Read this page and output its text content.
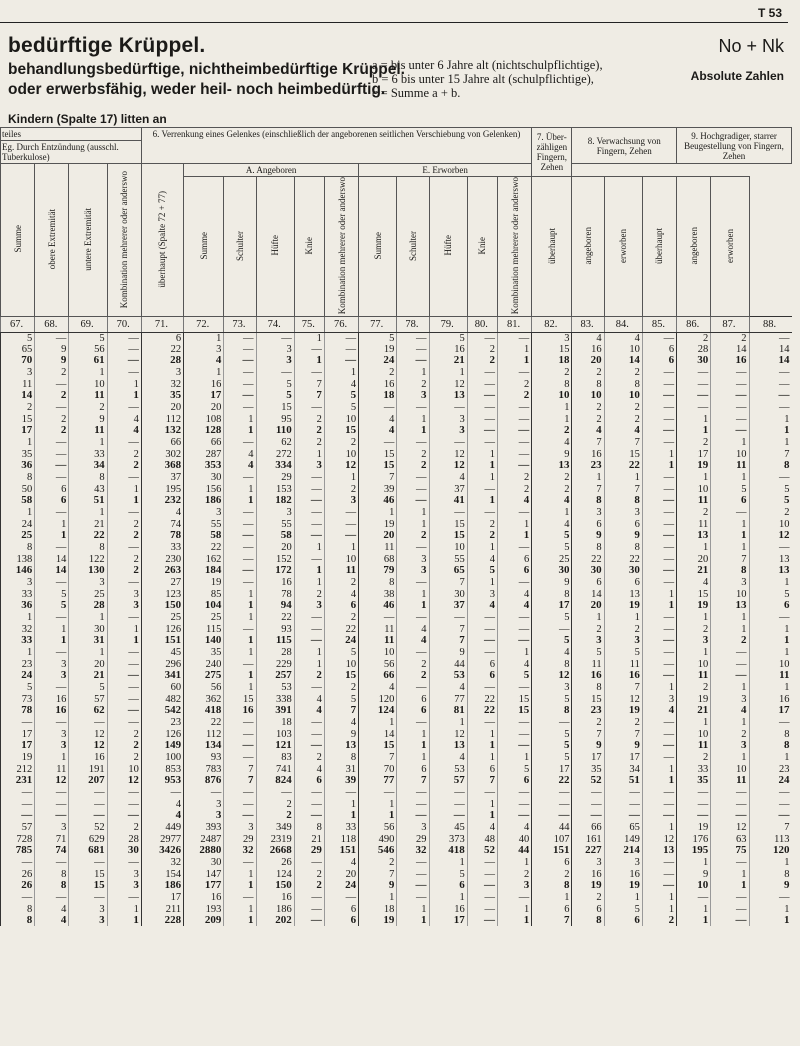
T 53
bedürftige Krüppel.
behandlungsbedürftige, nichtheimbedürftige Krüppel.
oder erwerbsfähig, weder heil- noch heimbedürftig.
a = bis unter 6 Jahre alt (nichtschulpflichtige),
b = 6 bis unter 15 Jahre alt (schulpflichtige),
c = Summe a + b.
No + Nk
Absolute Zahlen
Kindern (Spalte 17) litten an
teiles				6. Verrenkung eines Gelenkes (einschließlich der angeborenen seitlichen Verschiebung von Gelenken)											7. Über-zähligen Fingern, Zehen	8. Verwachsung von Fingern, Zehen			9. Hochgradiger, starrer Beugestellung von Fingern, Zehen		
Eg. Durch Entzündung (ausschl. Tuberkulose)																					
Summe	obere Extremität	untere Extremität	Kombination mehrerer oder anderswo	überhaupt (Spalte 72 + 77)	A. Angeboren					E. Erworben											
					Summe	Schulter	Hüfte	Knie	Kombination mehrerer oder anderswo	Summe	Schulter	Hüfte	Knie	Kombination mehrerer oder anderswo	überhaupt	angeboren	erworben	überhaupt	angeboren	erworben	
67.	68.	69.	70.	71.	72.	73.	74.	75.	76.	77.	78.	79.	80.	81.	82.	83.	84.	85.	86.	87.	88.
5	—	5	—	6	1	—	—	1	—	5	—	5	—	—	3	4	4	—	2	2	—
65	9	56	—	22	3	—	3	—	—	19	—	16	2	1	15	16	10	6	28	14	14
70	9	61	—	28	4	—	3	1	—	24	—	21	2	1	18	20	14	6	30	16	14
3	2	1	—	3	1	—	—	—	1	2	1	1	—	—	2	2	2	—	—	—	—
11	—	10	1	32	16	—	5	7	4	16	2	12	—	2	8	8	8	—	—	—	—
14	2	11	1	35	17	—	5	7	5	18	3	13	—	2	10	10	10	—	—	—	—
2	—	2	—	20	20	—	15	—	5	—	—	—	—	—	1	2	2	—	—	—	—
15	2	9	4	112	108	1	95	2	10	4	1	3	—	—	1	2	2	—	1	—	1
17	2	11	4	132	128	1	110	2	15	4	1	3	—	—	2	4	4	—	1	—	1
1	—	1	—	66	66	—	62	2	2	—	—	—	—	—	4	7	7	—	2	1	1
35	—	33	2	302	287	4	272	1	10	15	2	12	1	—	9	16	15	1	17	10	7
36	—	34	2	368	353	4	334	3	12	15	2	12	1	—	13	23	22	1	19	11	8
8	—	8	—	37	30	—	29	—	1	7	—	4	1	2	2	1	1	—	1	1	—
50	6	43	1	195	156	1	153	—	2	39	—	37	—	2	2	7	7	—	10	5	5
58	6	51	1	232	186	1	182	—	3	46	—	41	1	4	4	8	8	—	11	6	5
1	—	1	—	4	3	—	3	—	—	1	1	—	—	—	1	3	3	—	2	—	2
24	1	21	2	74	55	—	55	—	—	19	1	15	2	1	4	6	6	—	11	1	10
25	1	22	2	78	58	—	58	—	—	20	2	15	2	1	5	9	9	—	13	1	12
8	—	8	—	33	22	—	20	1	1	11	—	10	1	—	5	8	8	—	1	1	—
138	14	122	2	230	162	—	152	—	10	68	3	55	4	6	25	22	22	—	20	7	13
146	14	130	2	263	184	—	172	1	11	79	3	65	5	6	30	30	30	—	21	8	13
3	—	3	—	27	19	—	16	1	2	8	—	7	1	—	9	6	6	—	4	3	1
33	5	25	3	123	85	1	78	2	4	38	1	30	3	4	8	14	13	1	15	10	5
36	5	28	3	150	104	1	94	3	6	46	1	37	4	4	17	20	19	1	19	13	6
1	—	1	—	25	25	1	22	—	2	—	—	—	—	—	5	1	1	—	1	1	—
32	1	30	1	126	115	—	93	—	22	11	4	7	—	—	—	2	2	—	2	1	1
33	1	31	1	151	140	1	115	—	24	11	4	7	—	—	5	3	3	—	3	2	1
1	—	1	—	45	35	1	28	1	5	10	—	9	—	1	4	5	5	—	1	—	1
23	3	20	—	296	240	—	229	1	10	56	2	44	6	4	8	11	11	—	10	—	10
24	3	21	—	341	275	1	257	2	15	66	2	53	6	5	12	16	16	—	11	—	11
5	—	5	—	60	56	1	53	—	2	4	—	4	—	—	3	8	7	1	2	1	1
73	16	57	—	482	362	15	338	4	5	120	6	77	22	15	5	15	12	3	19	3	16
78	16	62	—	542	418	16	391	4	7	124	6	81	22	15	8	23	19	4	21	4	17
—	—	—	—	23	22	—	18	—	4	1	—	1	—	—	—	2	2	—	1	1	—
17	3	12	2	126	112	—	103	—	9	14	1	12	1	—	5	7	7	—	10	2	8
17	3	12	2	149	134	—	121	—	13	15	1	13	1	—	5	9	9	—	11	3	8
19	1	16	2	100	93	—	83	2	8	7	1	4	1	1	5	17	17	—	2	1	1
212	11	191	10	853	783	7	741	4	31	70	6	53	6	5	17	35	34	1	33	10	23
231	12	207	12	953	876	7	824	6	39	77	7	57	7	6	22	52	51	1	35	11	24
—	—	—	—	—	—	—	—	—	—	—	—	—	—	—	—	—	—	—	—	—	—
—	—	—	—	4	3	—	2	—	1	1	—	—	1	—	—	—	—	—	—	—	—
—	—	—	—	4	3	—	2	—	1	1	—	—	1	—	—	—	—	—	—	—	—
57	3	52	2	449	393	3	349	8	33	56	3	45	4	4	44	66	65	1	19	12	7
728	71	629	28	2977	2487	29	2319	21	118	490	29	373	48	40	107	161	149	12	176	63	113
785	74	681	30	3426	2880	32	2668	29	151	546	32	418	52	44	151	227	214	13	195	75	120
—	—	—	—	32	30	—	26	—	4	2	—	1	—	1	6	3	3	—	1	—	1
26	8	15	3	154	147	1	124	2	20	7	—	5	—	2	2	16	16	—	9	1	8
26	8	15	3	186	177	1	150	2	24	9	—	6	—	3	8	19	19	—	10	1	9
—	—	—	—	17	16	—	16	—	—	1	—	1	—	—	1	2	1	1	—	—	—
8	4	3	1	211	193	1	186	—	6	18	1	16	—	1	6	6	5	1	1	—	1
8	4	3	1	228	209	1	202	—	6	19	1	17	—	1	7	8	6	2	1	—	1
